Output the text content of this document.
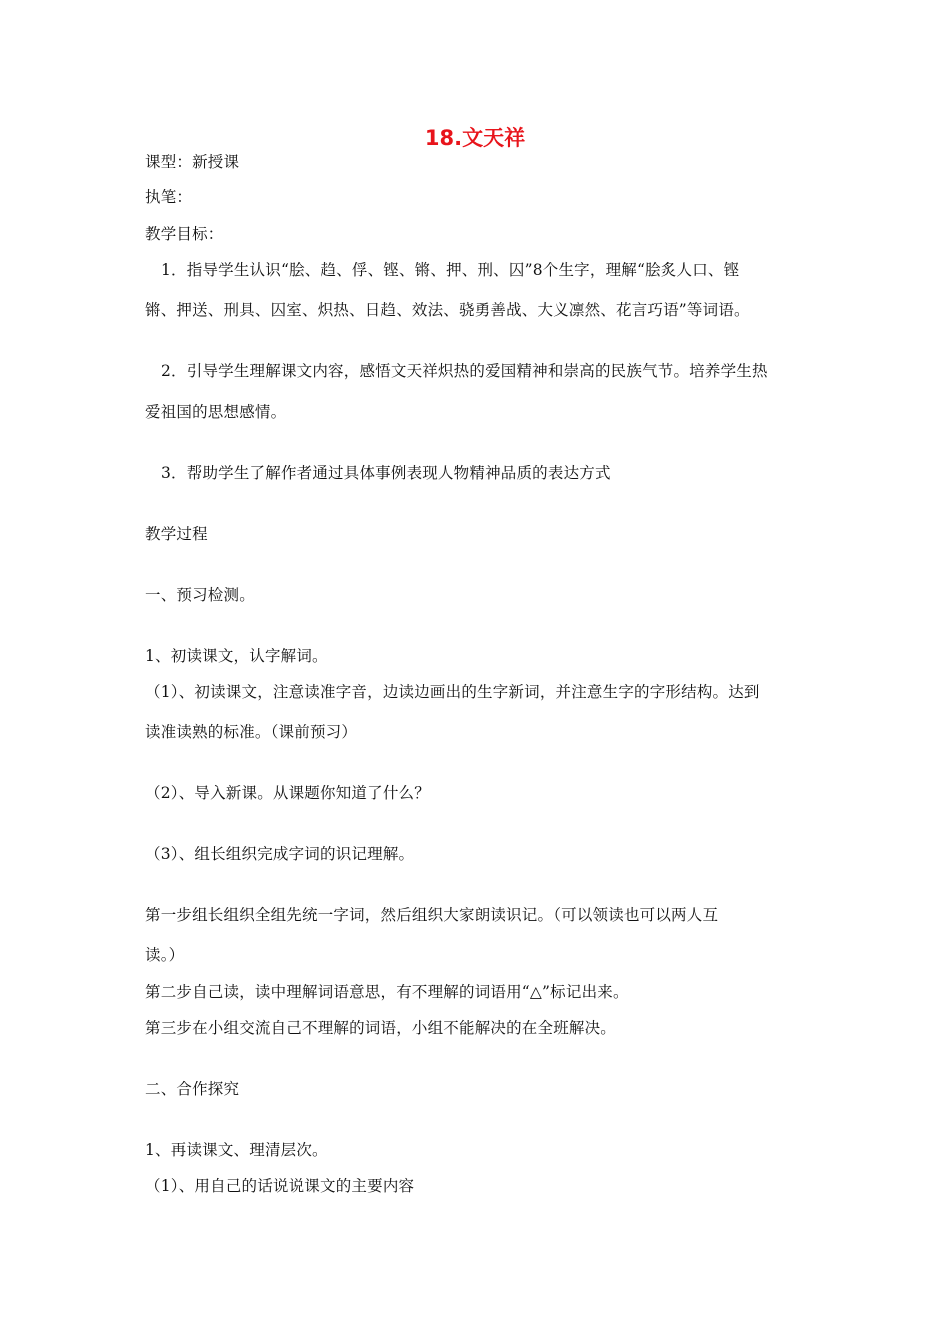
18.文天祥
课型：新授课
执笔：
教学目标：
1．指导学生认识“脍、趋、俘、铿、锵、押、刑、囚”8个生字，理解“脍炙人口、铿
锵、押送、刑具、囚室、炽热、日趋、效法、骁勇善战、大义凛然、花言巧语”等词语。
2．引导学生理解课文内容，感悟文天祥炽热的爱国精神和崇高的民族气节。培养学生热
爱祖国的思想感情。
3．帮助学生了解作者通过具体事例表现人物精神品质的表达方式
教学过程
一、预习检测。
1、初读课文，认字解词。
（1）、初读课文，注意读准字音，边读边画出的生字新词，并注意生字的字形结构。达到
读准读熟的标准。（课前预习）
（2）、导入新课。从课题你知道了什么？
（3）、组长组织完成字词的识记理解。
第一步组长组织全组先统一字词，然后组织大家朗读识记。（可以领读也可以两人互
读。）
第二步自己读，读中理解词语意思，有不理解的词语用“△”标记出来。
第三步在小组交流自己不理解的词语，小组不能解决的在全班解决。
二、合作探究
1、再读课文、理清层次。
（1）、用自己的话说说课文的主要内容
